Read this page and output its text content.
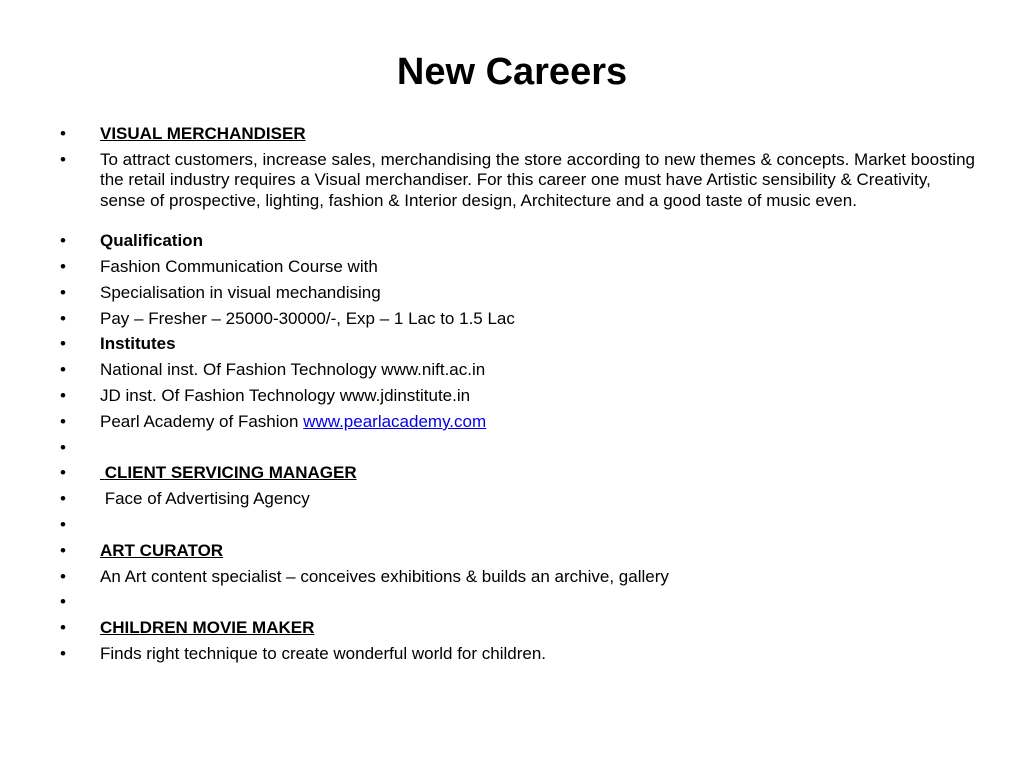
New Careers
•	VISUAL MERCHANDISER
•	To attract customers, increase sales, merchandising the store according to new themes & concepts. Market boosting the retail industry requires a Visual merchandiser. For this career one must have Artistic sensibility & Creativity, sense of prospective, lighting, fashion & Interior design, Architecture and a good taste of music even.
•	Qualification
•	Fashion Communication Course with
•	Specialisation in visual mechandising
•	Pay – Fresher – 25000-30000/-, Exp – 1 Lac to 1.5 Lac
•	Institutes
•	National inst. Of Fashion Technology www.nift.ac.in
•	JD inst. Of Fashion Technology www.jdinstitute.in
•	Pearl Academy of Fashion www.pearlacademy.com
•
•	CLIENT SERVICING MANAGER
•	Face of Advertising Agency
•
•	ART CURATOR
•	An Art content specialist – conceives exhibitions & builds an archive, gallery
•
•	CHILDREN MOVIE MAKER
•	Finds right technique to create wonderful world for children.
